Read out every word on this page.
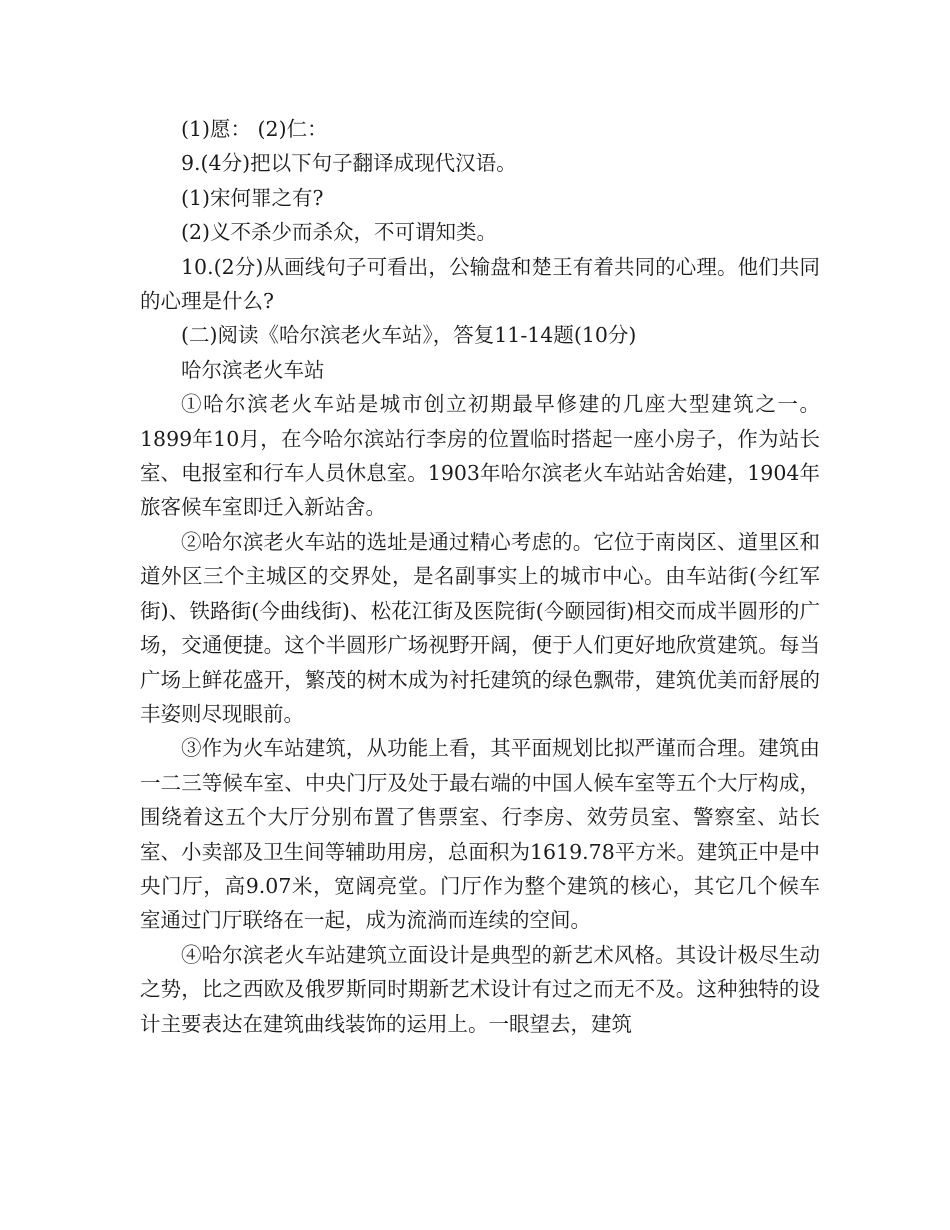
(1)愿： (2)仁：

9.(4分)把以下句子翻译成现代汉语。

(1)宋何罪之有?

(2)义不杀少而杀众，不可谓知类。

10.(2分)从画线句子可看出，公输盘和楚王有着共同的心理。他们共同的心理是什么?

(二)阅读《哈尔滨老火车站》，答复11-14题(10分)

哈尔滨老火车站

①哈尔滨老火车站是城市创立初期最早修建的几座大型建筑之一。1899年10月，在今哈尔滨站行李房的位置临时搭起一座小房子，作为站长室、电报室和行车人员休息室。1903年哈尔滨老火车站站舍始建，1904年旅客候车室即迁入新站舍。

②哈尔滨老火车站的选址是通过精心考虑的。它位于南岗区、道里区和道外区三个主城区的交界处，是名副事实上的城市中心。由车站街(今红军街)、铁路街(今曲线街)、松花江街及医院街(今颐园街)相交而成半圆形的广场，交通便捷。这个半圆形广场视野开阔，便于人们更好地欣赏建筑。每当广场上鲜花盛开，繁茂的树木成为衬托建筑的绿色飘带，建筑优美而舒展的丰姿则尽现眼前。

③作为火车站建筑，从功能上看，其平面规划比拟严谨而合理。建筑由一二三等候车室、中央门厅及处于最右端的中国人候车室等五个大厅构成，围绕着这五个大厅分别布置了售票室、行李房、效劳员室、警察室、站长室、小卖部及卫生间等辅助用房，总面积为1619.78平方米。建筑正中是中央门厅，高9.07米，宽阔亮堂。门厅作为整个建筑的核心，其它几个候车室通过门厅联络在一起，成为流淌而连续的空间。

④哈尔滨老火车站建筑立面设计是典型的新艺术风格。其设计极尽生动之势，比之西欧及俄罗斯同时期新艺术设计有过之而无不及。这种独特的设计主要表达在建筑曲线装饰的运用上。一眼望去，建筑
